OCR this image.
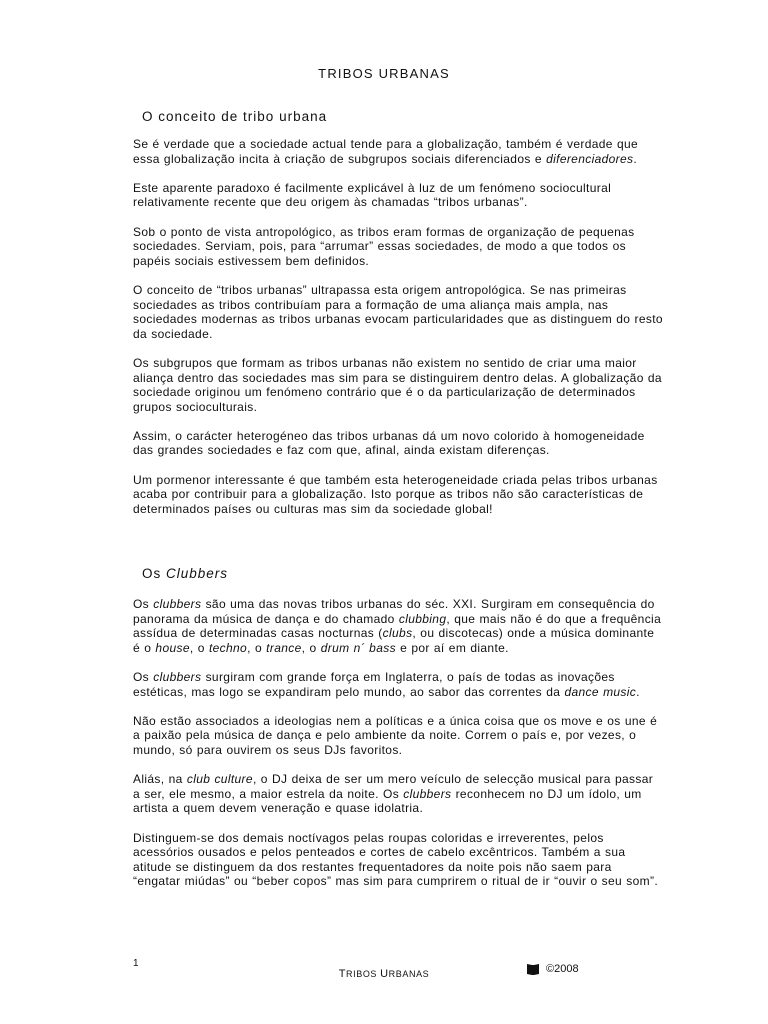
TRIBOS URBANAS
O conceito de tribo urbana

Se é verdade que a sociedade actual tende para a globalização, também é verdade que essa globalização incita à criação de subgrupos sociais diferenciados e diferenciadores.

Este aparente paradoxo é facilmente explicável à luz de um fenómeno sociocultural relativamente recente que deu origem às chamadas “tribos urbanas”.

Sob o ponto de vista antropológico, as tribos eram formas de organização de pequenas sociedades. Serviam, pois, para “arrumar” essas sociedades, de modo a que todos os papéis sociais estivessem bem definidos.

O conceito de “tribos urbanas” ultrapassa esta origem antropológica. Se nas primeiras sociedades as tribos contribuíam para a formação de uma aliança mais ampla, nas sociedades modernas as tribos urbanas evocam particularidades que as distinguem do resto da sociedade.

Os subgrupos que formam as tribos urbanas não existem no sentido de criar uma maior aliança dentro das sociedades mas sim para se distinguirem dentro delas. A globalização da sociedade originou um fenómeno contrário que é o da particularização de determinados grupos socioculturais.

Assim, o carácter heterogéneo das tribos urbanas dá um novo colorido à homogeneidade das grandes sociedades e faz com que, afinal, ainda existam diferenças.

Um pormenor interessante é que também esta heterogeneidade criada pelas tribos urbanas acaba por contribuir para a globalização. Isto porque as tribos não são características de determinados países ou culturas mas sim da sociedade global!

Os Clubbers

Os clubbers são uma das novas tribos urbanas do séc. XXI. Surgiram em consequência do panorama da música de dança e do chamado clubbing, que mais não é do que a frequência assídua de determinadas casas nocturnas (clubs, ou discotecas) onde a música dominante é o house, o techno, o trance, o drum n´ bass e por aí em diante.

Os clubbers surgiram com grande força em Inglaterra, o país de todas as inovações estéticas, mas logo se expandiram pelo mundo, ao sabor das correntes da dance music.

Não estão associados a ideologias nem a políticas e a única coisa que os move e os une é a paixão pela música de dança e pelo ambiente da noite. Correm o país e, por vezes, o mundo, só para ouvirem os seus DJs favoritos.

Aliás, na club culture, o DJ deixa de ser um mero veículo de selecção musical para passar a ser, ele mesmo, a maior estrela da noite. Os clubbers reconhecem no DJ um ídolo, um artista a quem devem veneração e quase idolatria.

Distinguem-se dos demais noctívagos pelas roupas coloridas e irreverentes, pelos acessórios ousados e pelos penteados e cortes de cabelo excêntricos. Também a sua atitude se distinguem da dos restantes frequentadores da noite pois não saem para “engatar miúdas” ou “beber copos” mas sim para cumprirem o ritual de ir “ouvir o seu som”.

1
TRIBOS URBANAS	©2008
